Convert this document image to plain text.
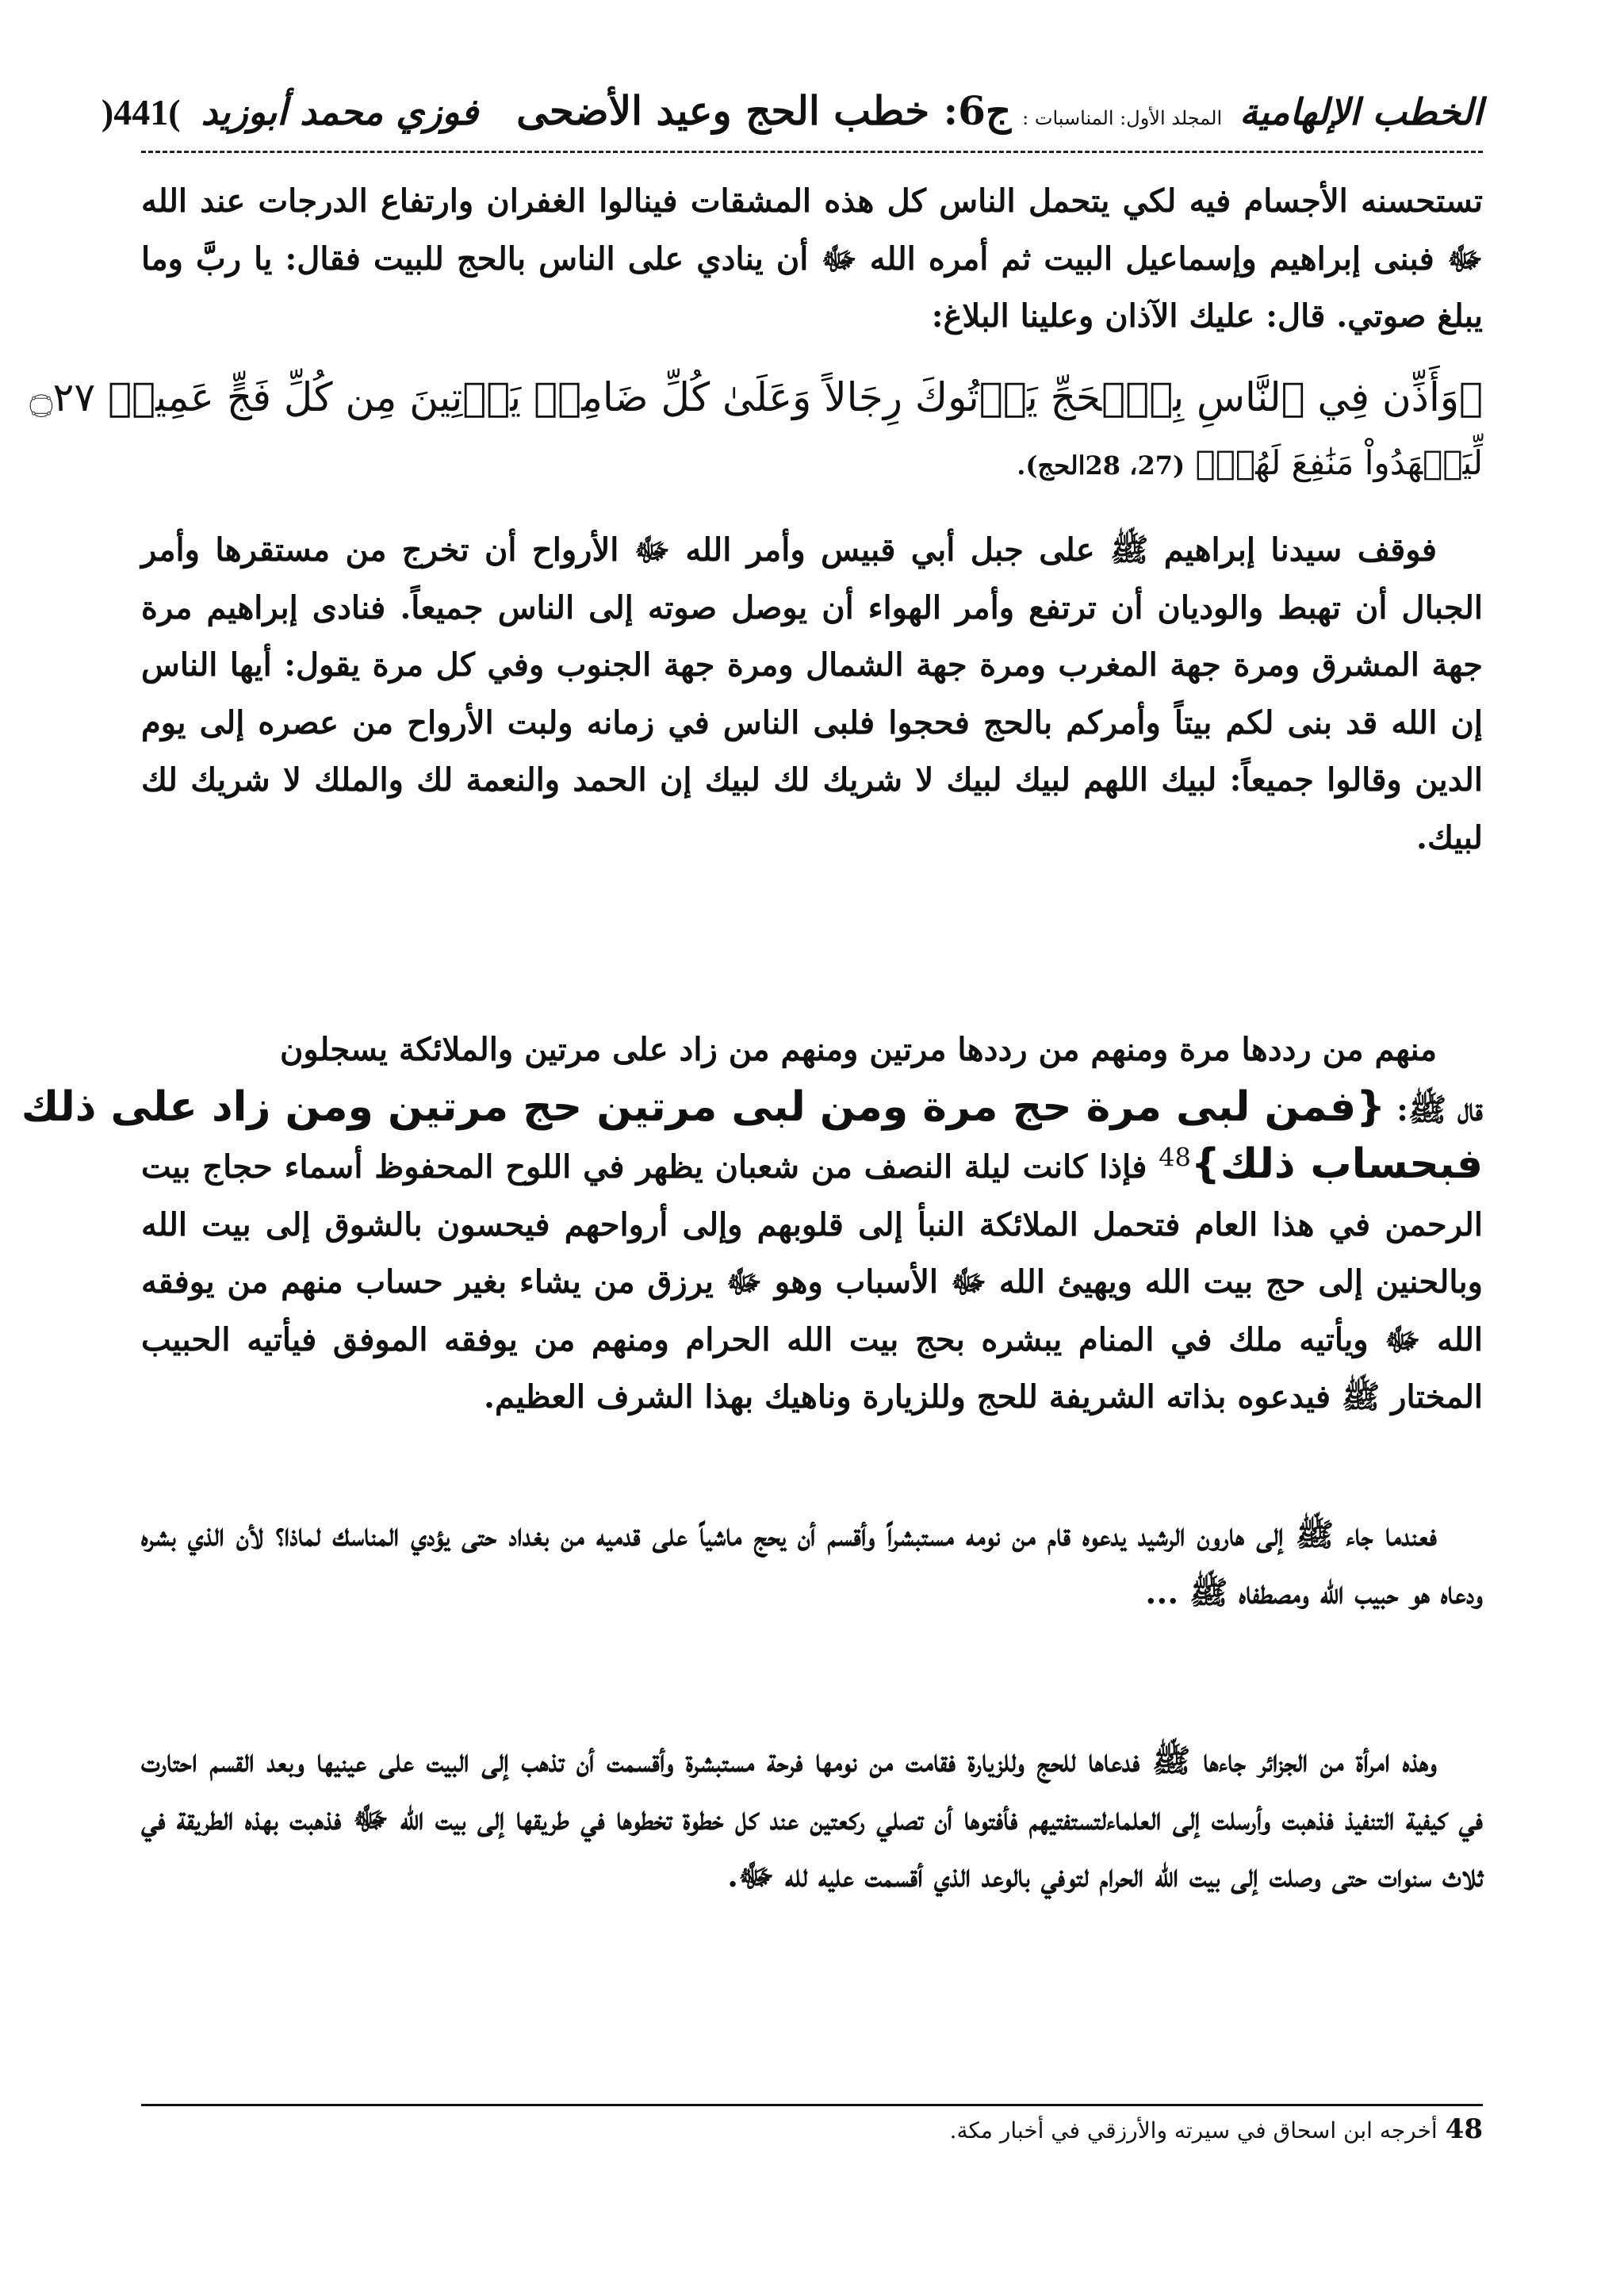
الخطب الإلهامية
المجلد الأول: المناسبات :
ج6: خطب الحج وعيد الأضحى
فوزي محمد أبوزيد
)441(

تستحسنه الأجسام فيه لكي يتحمل الناس كل هذه المشقات فينالوا الغفران وارتفاع الدرجات عند الله ﷻ فبنى إبراهيم وإسماعيل البيت ثم أمره الله ﷻ أن ينادي على الناس بالحج للبيت فقال: يا ربَّ وما يبلغ صوتي. قال: عليك الآذان وعلينا البلاغ:

﴿وَأَذِّن فِي ٱلنَّاسِ بِٱلۡحَجِّ يَأۡتُوكَ رِجَالاً وَعَلَىٰ كُلِّ ضَامِرٖ يَأۡتِينَ مِن كُلِّ فَجٍّ عَمِيقٖ ۝٢٧

لِّيَشۡهَدُواْ مَنَٰفِعَ لَهُمۡ﴾ (27، 28الحج).

فوقف سيدنا إبراهيم ﷺ على جبل أبي قبيس وأمر الله ﷻ الأرواح أن تخرج من مستقرها وأمر الجبال أن تهبط والوديان أن ترتفع وأمر الهواء أن يوصل صوته إلى الناس جميعاً. فنادى إبراهيم مرة جهة المشرق ومرة جهة المغرب ومرة جهة الشمال ومرة جهة الجنوب وفي كل مرة يقول: أيها الناس إن الله قد بنى لكم بيتاً وأمركم بالحج فحجوا فلبى الناس في زمانه ولبت الأرواح من عصره إلى يوم الدين وقالوا جميعاً: لبيك اللهم لبيك لبيك لا شريك لك لبيك إن الحمد والنعمة لك والملك لا شريك لك لبيك.

منهم من رددها مرة ومنهم من رددها مرتين ومنهم من زاد على مرتين والملائكة يسجلون

قال ﷺ: {فمن لبى مرة حج مرة ومن لبى مرتين حج مرتين ومن زاد على ذلك

فبحساب ذلك}$^{48}$ فإذا كانت ليلة النصف من شعبان يظهر في اللوح المحفوظ أسماء حجاج بيت الرحمن في هذا العام فتحمل الملائكة النبأ إلى قلوبهم وإلى أرواحهم فيحسون بالشوق إلى بيت الله وبالحنين إلى حج بيت الله ويهيئ الله ﷻ الأسباب وهو ﷻ يرزق من يشاء بغير حساب منهم من يوفقه الله ﷻ ويأتيه ملك في المنام يبشره بحج بيت الله الحرام ومنهم من يوفقه الموفق فيأتيه الحبيب المختار ﷺ فيدعوه بذاته الشريفة للحج وللزيارة وناهيك بهذا الشرف العظيم.

فعندما جاء ﷺ إلى هارون الرشيد يدعوه قام من نومه مستبشراً وأقسم أن يحج ماشياً على قدميه من بغداد حتى يؤدي المناسك لماذا؟ لأن الذي بشره ودعاه هو حبيب الله ومصطفاه ﷺ ...

وهذه امرأة من الجزائر جاءها ﷺ فدعاها للحج وللزيارة فقامت من نومها فرحة مستبشرة وأقسمت أن تذهب إلى البيت على عينيها وبعد القسم احتارت في كيفية التنفيذ فذهبت وأرسلت إلى العلماءلتستفتيهم فأفتوها أن تصلي ركعتين عند كل خطوة تخطوها في طريقها إلى بيت الله ﷻ فذهبت بهذه الطريقة في ثلاث سنوات حتى وصلت إلى بيت الله الحرام لتوفي بالوعد الذي أقسمت عليه لله ﷻ.

48أخرجه ابن اسحاق في سيرته والأرزقي في أخبار مكة.
